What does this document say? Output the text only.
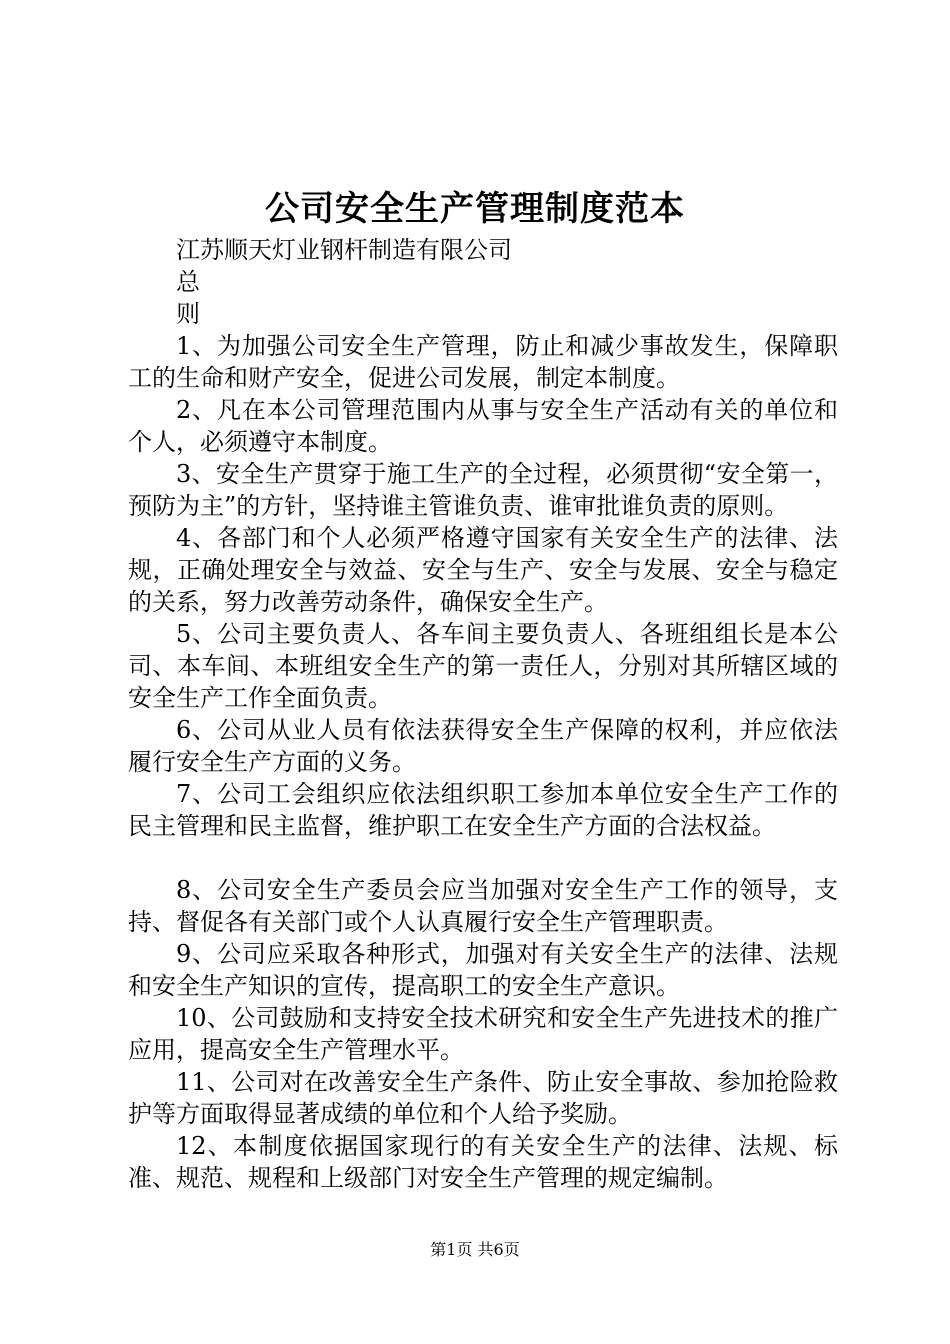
公司安全生产管理制度范本
江苏顺天灯业钢杆制造有限公司
总
则

1、为加强公司安全生产管理，防止和减少事故发生，保障职工的生命和财产安全，促进公司发展，制定本制度。

2、凡在本公司管理范围内从事与安全生产活动有关的单位和个人，必须遵守本制度。

3、安全生产贯穿于施工生产的全过程，必须贯彻“安全第一，预防为主”的方针，坚持谁主管谁负责、谁审批谁负责的原则。

4、各部门和个人必须严格遵守国家有关安全生产的法律、法规，正确处理安全与效益、安全与生产、安全与发展、安全与稳定的关系，努力改善劳动条件，确保安全生产。

5、公司主要负责人、各车间主要负责人、各班组组长是本公司、本车间、本班组安全生产的第一责任人，分别对其所辖区域的安全生产工作全面负责。

6、公司从业人员有依法获得安全生产保障的权利，并应依法履行安全生产方面的义务。

7、公司工会组织应依法组织职工参加本单位安全生产工作的民主管理和民主监督，维护职工在安全生产方面的合法权益。

8、公司安全生产委员会应当加强对安全生产工作的领导，支持、督促各有关部门或个人认真履行安全生产管理职责。

9、公司应采取各种形式，加强对有关安全生产的法律、法规和安全生产知识的宣传，提高职工的安全生产意识。

10、公司鼓励和支持安全技术研究和安全生产先进技术的推广应用，提高安全生产管理水平。

11、公司对在改善安全生产条件、防止安全事故、参加抢险救护等方面取得显著成绩的单位和个人给予奖励。

12、本制度依据国家现行的有关安全生产的法律、法规、标准、规范、规程和上级部门对安全生产管理的规定编制。

第1页 共6页
